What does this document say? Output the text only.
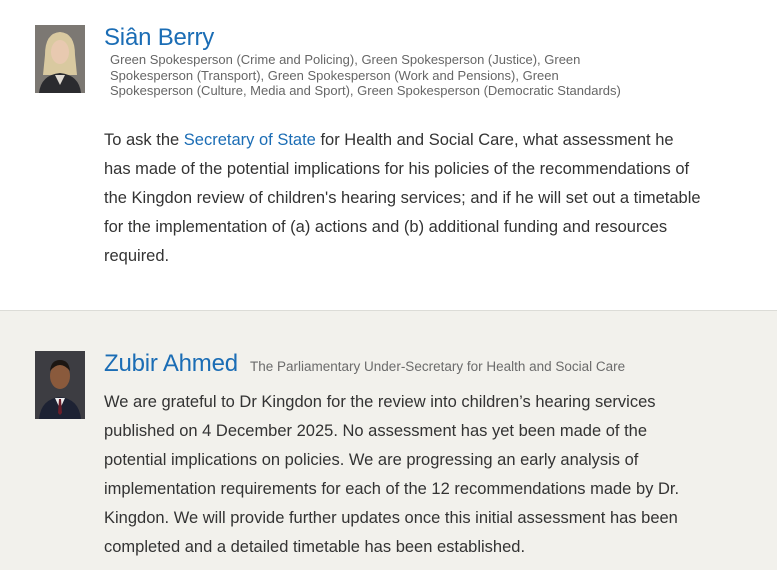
Siân Berry
Green Spokesperson (Crime and Policing), Green Spokesperson (Justice), Green Spokesperson (Transport), Green Spokesperson (Work and Pensions), Green Spokesperson (Culture, Media and Sport), Green Spokesperson (Democratic Standards)
To ask the Secretary of State for Health and Social Care, what assessment he has made of the potential implications for his policies of the recommendations of the Kingdon review of children's hearing services; and if he will set out a timetable for the implementation of (a) actions and (b) additional funding and resources required.
Zubir Ahmed The Parliamentary Under-Secretary for Health and Social Care
We are grateful to Dr Kingdon for the review into children’s hearing services published on 4 December 2025. No assessment has yet been made of the potential implications on policies. We are progressing an early analysis of implementation requirements for each of the 12 recommendations made by Dr. Kingdon. We will provide further updates once this initial assessment has been completed and a detailed timetable has been established.
